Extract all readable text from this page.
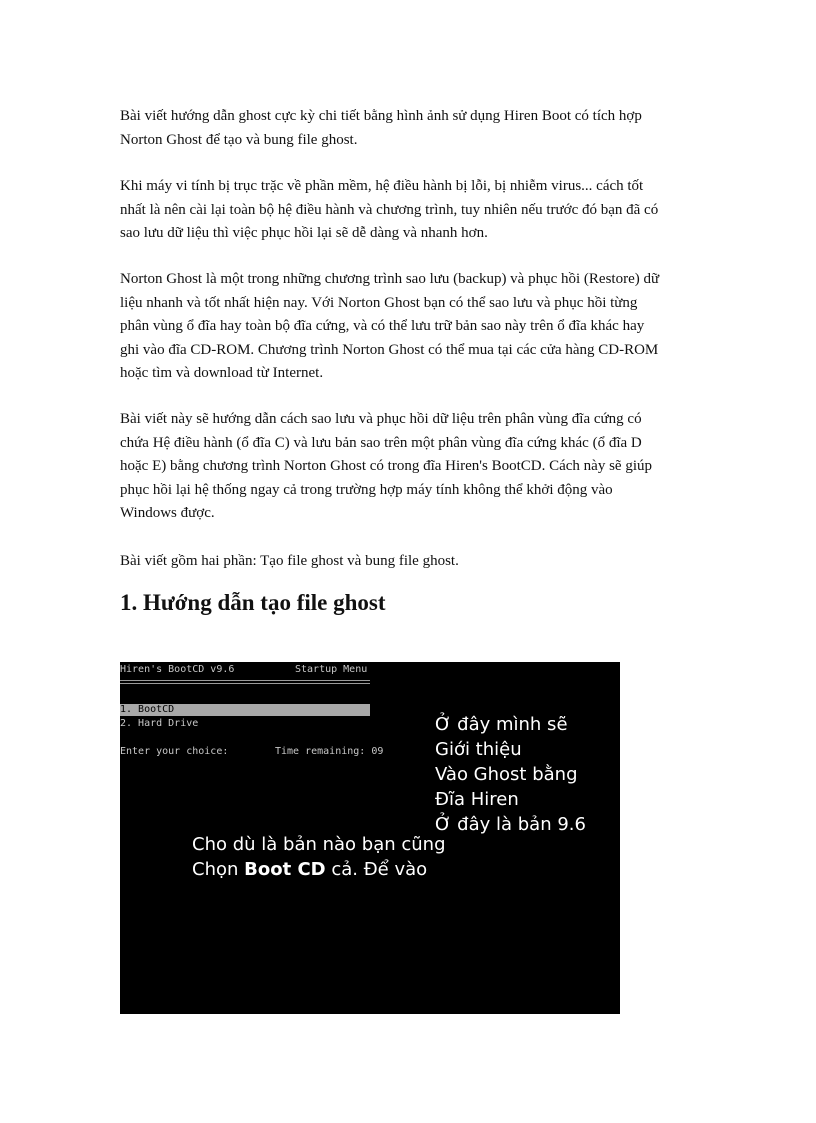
Bài viết hướng dẫn ghost cực kỳ chi tiết bằng hình ảnh sử dụng Hiren Boot có tích hợp

Norton Ghost để tạo và bung file ghost.

Khi máy vi tính bị trục trặc về phần mềm, hệ điều hành bị lỗi, bị nhiễm virus... cách tốt

nhất là nên cài lại toàn bộ hệ điều hành và chương trình, tuy nhiên nếu trước đó bạn đã có

sao lưu dữ liệu thì việc phục hồi lại sẽ dễ dàng và nhanh hơn.

Norton Ghost là một trong những chương trình sao lưu (backup) và phục hồi (Restore) dữ

liệu nhanh và tốt nhất hiện nay. Với Norton Ghost bạn có thể sao lưu và phục hồi từng

phân vùng ổ đĩa hay toàn bộ đĩa cứng, và có thể lưu trữ bản sao này trên ổ đĩa khác hay

ghi vào đĩa CD-ROM. Chương trình Norton Ghost có thể mua tại các cửa hàng CD-ROM

hoặc tìm và download từ Internet.

Bài viết này sẽ hướng dẫn cách sao lưu và phục hồi dữ liệu trên phân vùng đĩa cứng có

chứa Hệ điều hành (ổ đĩa C) và lưu bản sao trên một phân vùng đĩa cứng khác (ổ đĩa D

hoặc E) bằng chương trình Norton Ghost có trong đĩa Hiren's BootCD. Cách này sẽ giúp

phục hồi lại hệ thống ngay cả trong trường hợp máy tính không thể khởi động vào

Windows được.

Bài viết gồm hai phần: Tạo file ghost và bung file ghost.

1. Hướng dẫn tạo file ghost
Hiren's BootCD v9.6	Startup Menu
1. BootCD
2. Hard Drive
Enter your choice:	Time remaining: 09
Ở đây mình sẽ
Giới thiệu
Vào Ghost bằng
Đĩa Hiren
Ở đây là bản 9.6
Cho dù là bản nào bạn cũng
Chọn Boot CD cả. Để vào
